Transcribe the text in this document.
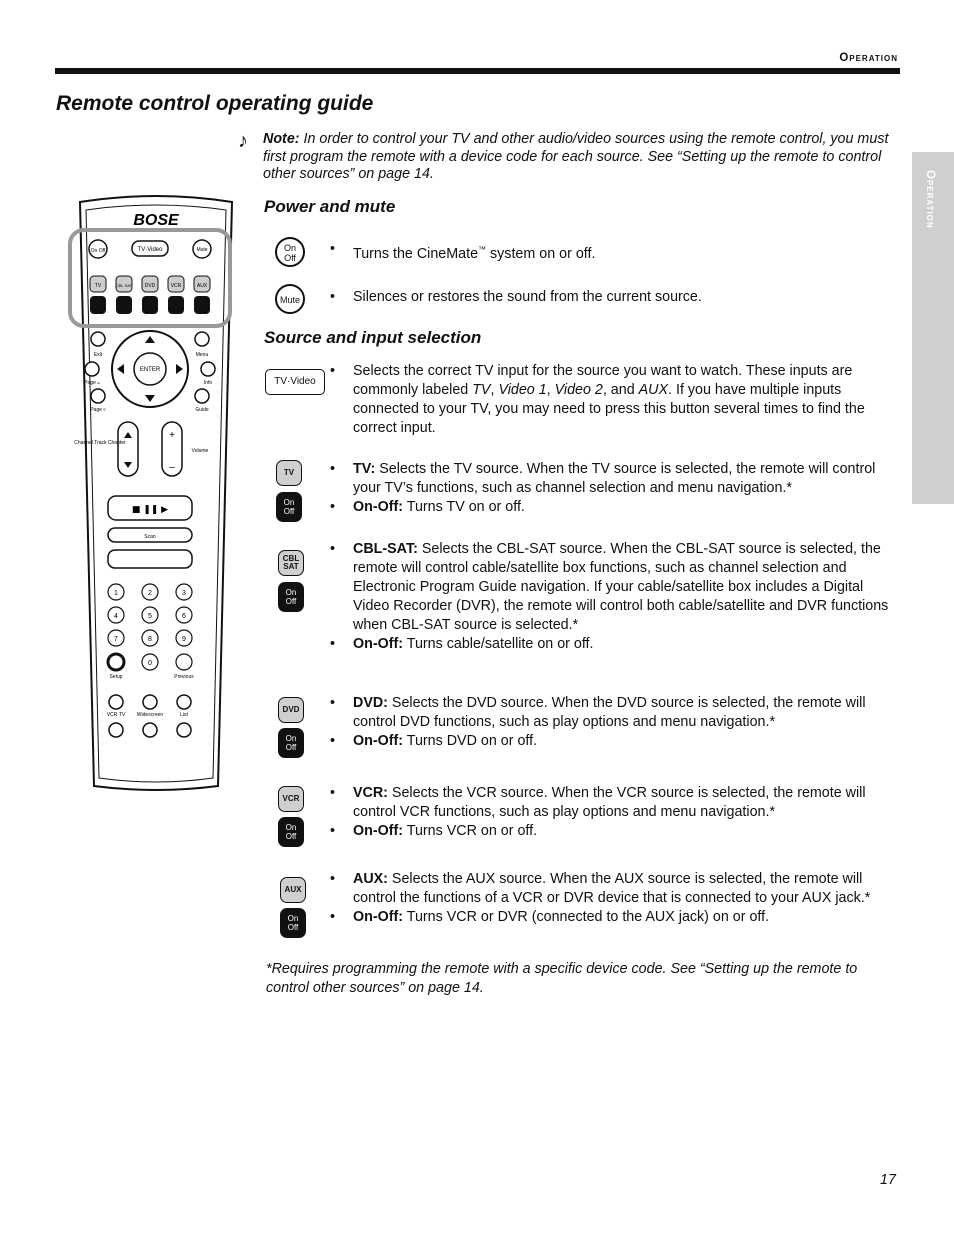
Operation
Operation
Remote control operating guide
♪ Note: In order to control your TV and other audio/video sources using the remote control, you must first program the remote with a device code for each source. See “Setting up the remote to control other sources” on page 14.
BOSE
On Off	TV·Video	Mute
TV	CBL SAT	DVD	VCR	AUX
Exit	Menu
ENTER
Page ▵	Info
Page ▿	Guide
Channel Track Chapter
+
–
Volume
■ ❚❚ ▶
Scan
1	2	3
4	5	6
7	8	9
0
Setup	Previous
VCR·TV Widescreen	List
Power and mute
On
Off
• Turns the CineMate™ system on or off.
Mute	• Silences or restores the sound from the current source.
Source and input selection
TV·Video
• Selects the correct TV input for the source you want to watch. These inputs are commonly labeled TV, Video 1, Video 2, and AUX. If you have multiple inputs connected to your TV, you may need to press this button several times to find the correct input.
TV
On
Off
• TV: Selects the TV source. When the TV source is selected, the remote will control your TV’s functions, such as channel selection and menu navigation.*
• On-Off: Turns TV on or off.
CBL
SAT
On
Off
• CBL-SAT: Selects the CBL-SAT source. When the CBL-SAT source is selected, the remote will control cable/satellite box functions, such as channel selection and Electronic Program Guide navigation. If your cable/satellite box includes a Digital Video Recorder (DVR), the remote will control both cable/satellite and DVR functions when CBL-SAT source is selected.*
• On-Off: Turns cable/satellite on or off.
DVD
On
Off
• DVD: Selects the DVD source. When the DVD source is selected, the remote will control DVD functions, such as play options and menu navigation.*
• On-Off: Turns DVD on or off.
VCR
On
Off
• VCR: Selects the VCR source. When the VCR source is selected, the remote will control VCR functions, such as play options and menu navigation.*
• On-Off: Turns VCR on or off.
AUX
On
Off
• AUX: Selects the AUX source. When the AUX source is selected, the remote will control the functions of a VCR or DVR device that is connected to your AUX jack.*
• On-Off: Turns VCR or DVR (connected to the AUX jack) on or off.
*Requires programming the remote with a specific device code. See “Setting up the remote to control other sources” on page 14.
17
